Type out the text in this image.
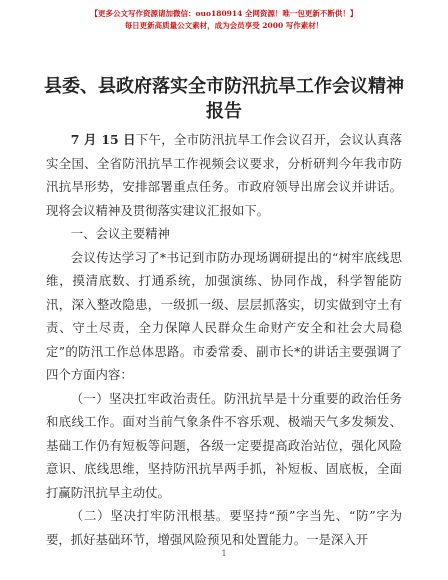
【更多公文写作资源请加微信：ouo180914 全网资源！唯一包更新不断供！】
每日更新高质量公文素材，成为会员享受 2000 写作素材！
县委、县政府落实全市防汛抗旱工作会议精神
报告

7 月 15 日下午，全市防汛抗旱工作会议召开，会议认真落实全国、全省防汛抗旱工作视频会议要求，分析研判今年我市防汛抗旱形势，安排部署重点任务。市政府领导出席会议并讲话。现将会议精神及贯彻落实建议汇报如下。

一、会议主要精神

会议传达学习了*书记到市防办现场调研提出的“树牢底线思维，摸清底数、打通系统，加强演练、协同作战，科学智能防汛，深入整改隐患，一级抓一级、层层抓落实，切实做到守土有责、守土尽责，全力保障人民群众生命财产安全和社会大局稳定”的防汛工作总体思路。市委常委、副市长*的讲话主要强调了四个方面内容：

（一）坚决扛牢政治责任。防汛抗旱是十分重要的政治任务和底线工作。面对当前气象条件不容乐观、极端天气多发频发、基础工作仍有短板等问题，各级一定要提高政治站位，强化风险意识、底线思维，坚持防汛抗旱两手抓，补短板、固底板，全面打赢防汛抗旱主动仗。

（二）坚决打牢防汛根基。要坚持“预”字当先、“防”字为要，抓好基础环节，增强风险预见和处置能力。一是深入开

1
